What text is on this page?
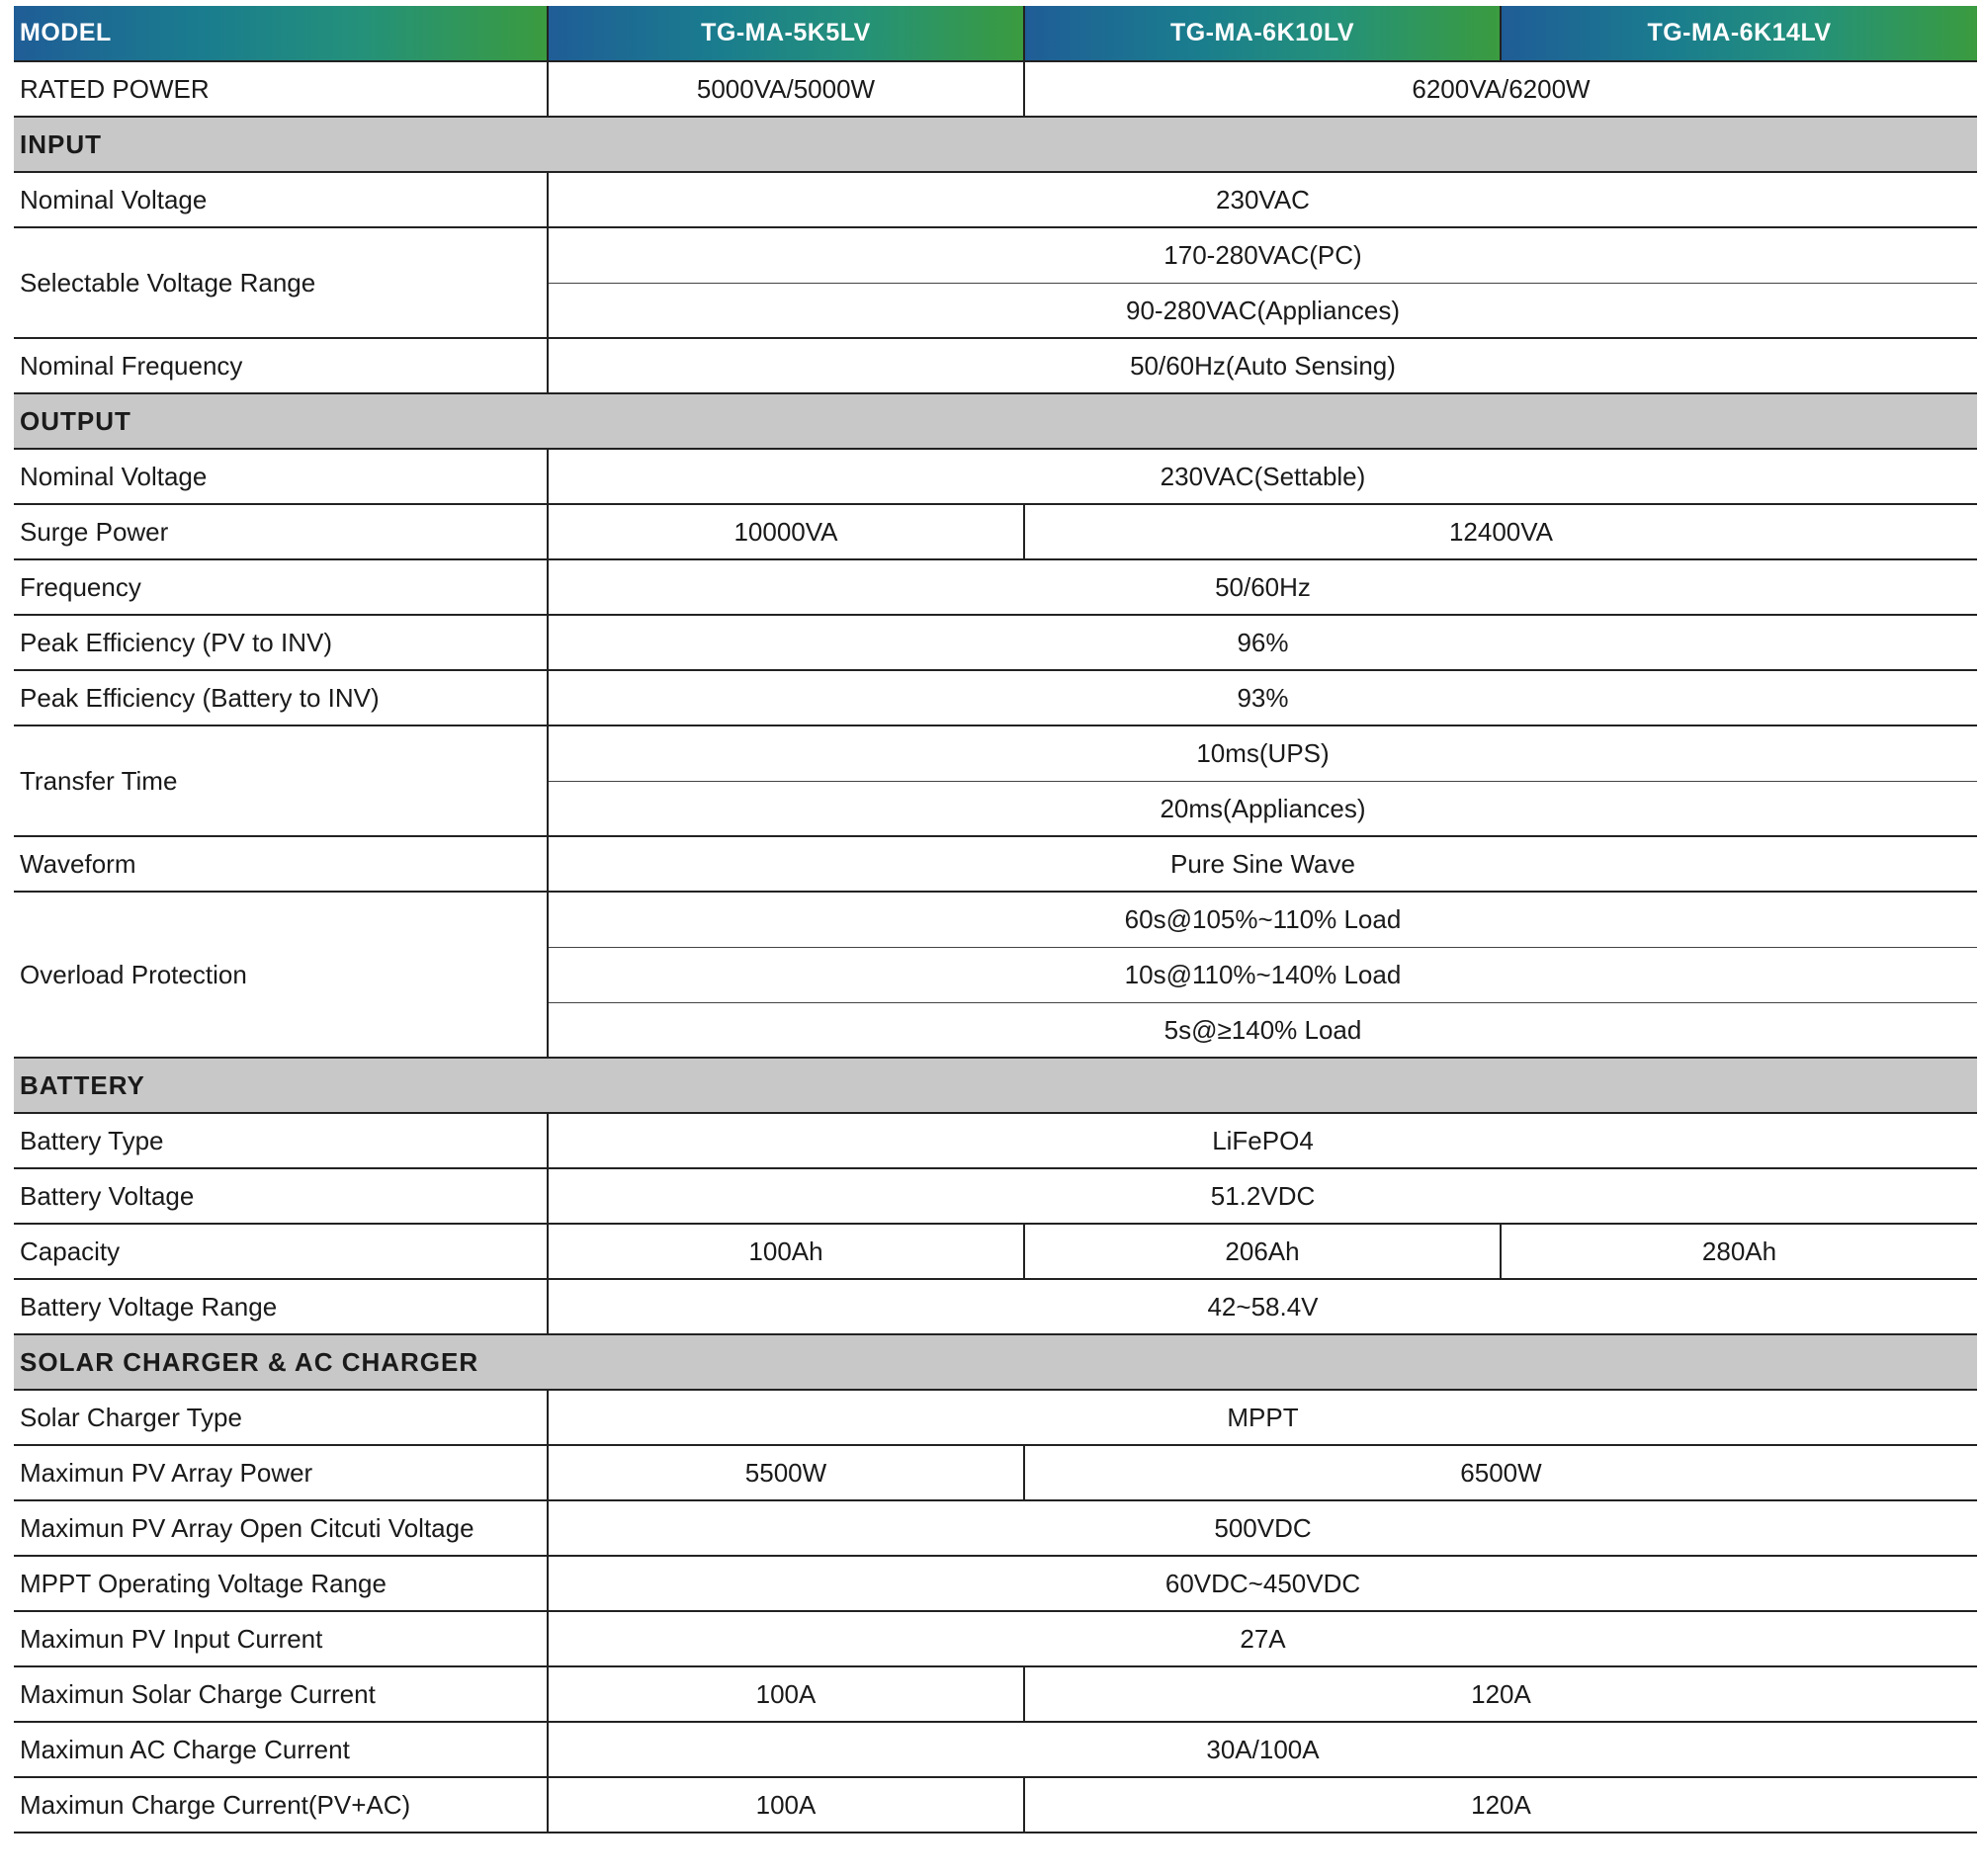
MODEL	TG-MA-5K5LV	TG-MA-6K10LV	TG-MA-6K14LV
RATED POWER	5000VA/5000W	6200VA/6200W	
INPUT			
Nominal Voltage	230VAC		
Selectable Voltage Range	170-280VAC(PC)		
	90-280VAC(Appliances)		
Nominal Frequency	50/60Hz(Auto Sensing)		
OUTPUT			
Nominal Voltage	230VAC(Settable)		
Surge Power	10000VA	12400VA	
Frequency	50/60Hz		
Peak Efficiency (PV to INV)	96%		
Peak Efficiency (Battery to INV)	93%		
Transfer Time	10ms(UPS)		
	20ms(Appliances)		
Waveform	Pure Sine Wave		
Overload Protection	60s@105%~110% Load		
	10s@110%~140% Load		
	5s@≥140% Load		
BATTERY			
Battery Type	LiFePO4		
Battery Voltage	51.2VDC		
Capacity	100Ah	206Ah	280Ah
Battery Voltage Range	42~58.4V		
SOLAR CHARGER & AC CHARGER			
Solar Charger Type	MPPT		
Maximun PV Array Power	5500W	6500W	
Maximun PV Array Open Citcuti Voltage	500VDC		
MPPT Operating Voltage Range	60VDC~450VDC		
Maximun PV Input Current	27A		
Maximun Solar Charge Current	100A	120A	
Maximun AC Charge Current	30A/100A		
Maximun Charge Current(PV+AC)	100A	120A	
